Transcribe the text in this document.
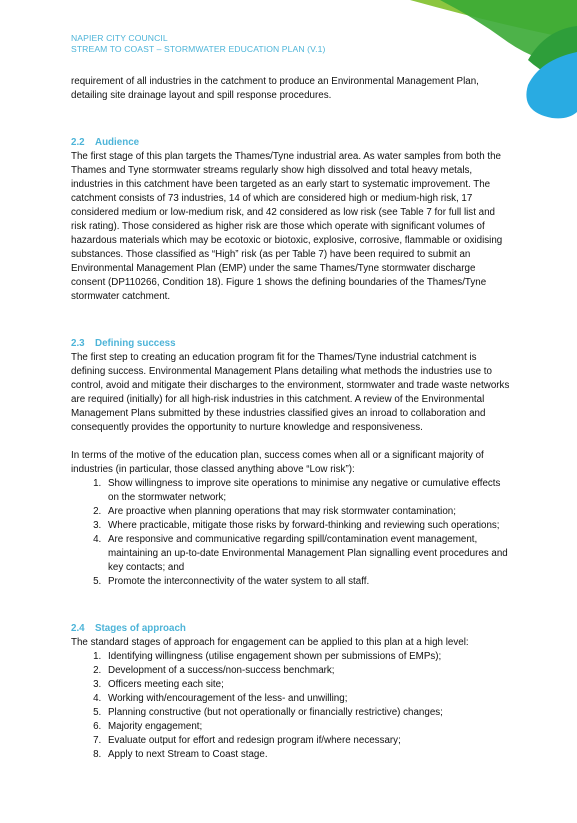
NAPIER CITY COUNCIL
STREAM TO COAST – STORMWATER EDUCATION PLAN (V.1)

requirement of all industries in the catchment to produce an Environmental Management Plan, detailing site drainage layout and spill response procedures.

2.2 Audience

The first stage of this plan targets the Thames/Tyne industrial area. As water samples from both the Thames and Tyne stormwater streams regularly show high dissolved and total heavy metals, industries in this catchment have been targeted as an early start to systematic improvement. The catchment consists of 73 industries, 14 of which are considered high or medium-high risk, 17 considered medium or low-medium risk, and 42 considered as low risk (see Table 7 for full list and risk rating). Those considered as higher risk are those which operate with significant volumes of hazardous materials which may be ecotoxic or biotoxic, explosive, corrosive, flammable or oxidising substances. Those classified as “High” risk (as per Table 7) have been required to submit an Environmental Management Plan (EMP) under the same Thames/Tyne stormwater discharge consent (DP110266, Condition 18). Figure 1 shows the defining boundaries of the Thames/Tyne stormwater catchment.

2.3 Defining success

The first step to creating an education program fit for the Thames/Tyne industrial catchment is defining success. Environmental Management Plans detailing what methods the industries use to control, avoid and mitigate their discharges to the environment, stormwater and trade waste networks are required (initially) for all high-risk industries in this catchment. A review of the Environmental Management Plans submitted by these industries classified gives an inroad to collaboration and consequently provides the opportunity to nurture knowledge and responsiveness.

In terms of the motive of the education plan, success comes when all or a significant majority of industries (in particular, those classed anything above “Low risk”):

1. Show willingness to improve site operations to minimise any negative or cumulative effects on the stormwater network;
2. Are proactive when planning operations that may risk stormwater contamination;
3. Where practicable, mitigate those risks by forward-thinking and reviewing such operations;
4. Are responsive and communicative regarding spill/contamination event management, maintaining an up-to-date Environmental Management Plan signalling event procedures and key contacts; and
5. Promote the interconnectivity of the water system to all staff.
2.4 Stages of approach

The standard stages of approach for engagement can be applied to this plan at a high level:

1. Identifying willingness (utilise engagement shown per submissions of EMPs);
2. Development of a success/non-success benchmark;
3. Officers meeting each site;
4. Working with/encouragement of the less- and unwilling;
5. Planning constructive (but not operationally or financially restrictive) changes;
6. Majority engagement;
7. Evaluate output for effort and redesign program if/where necessary;
8. Apply to next Stream to Coast stage.
